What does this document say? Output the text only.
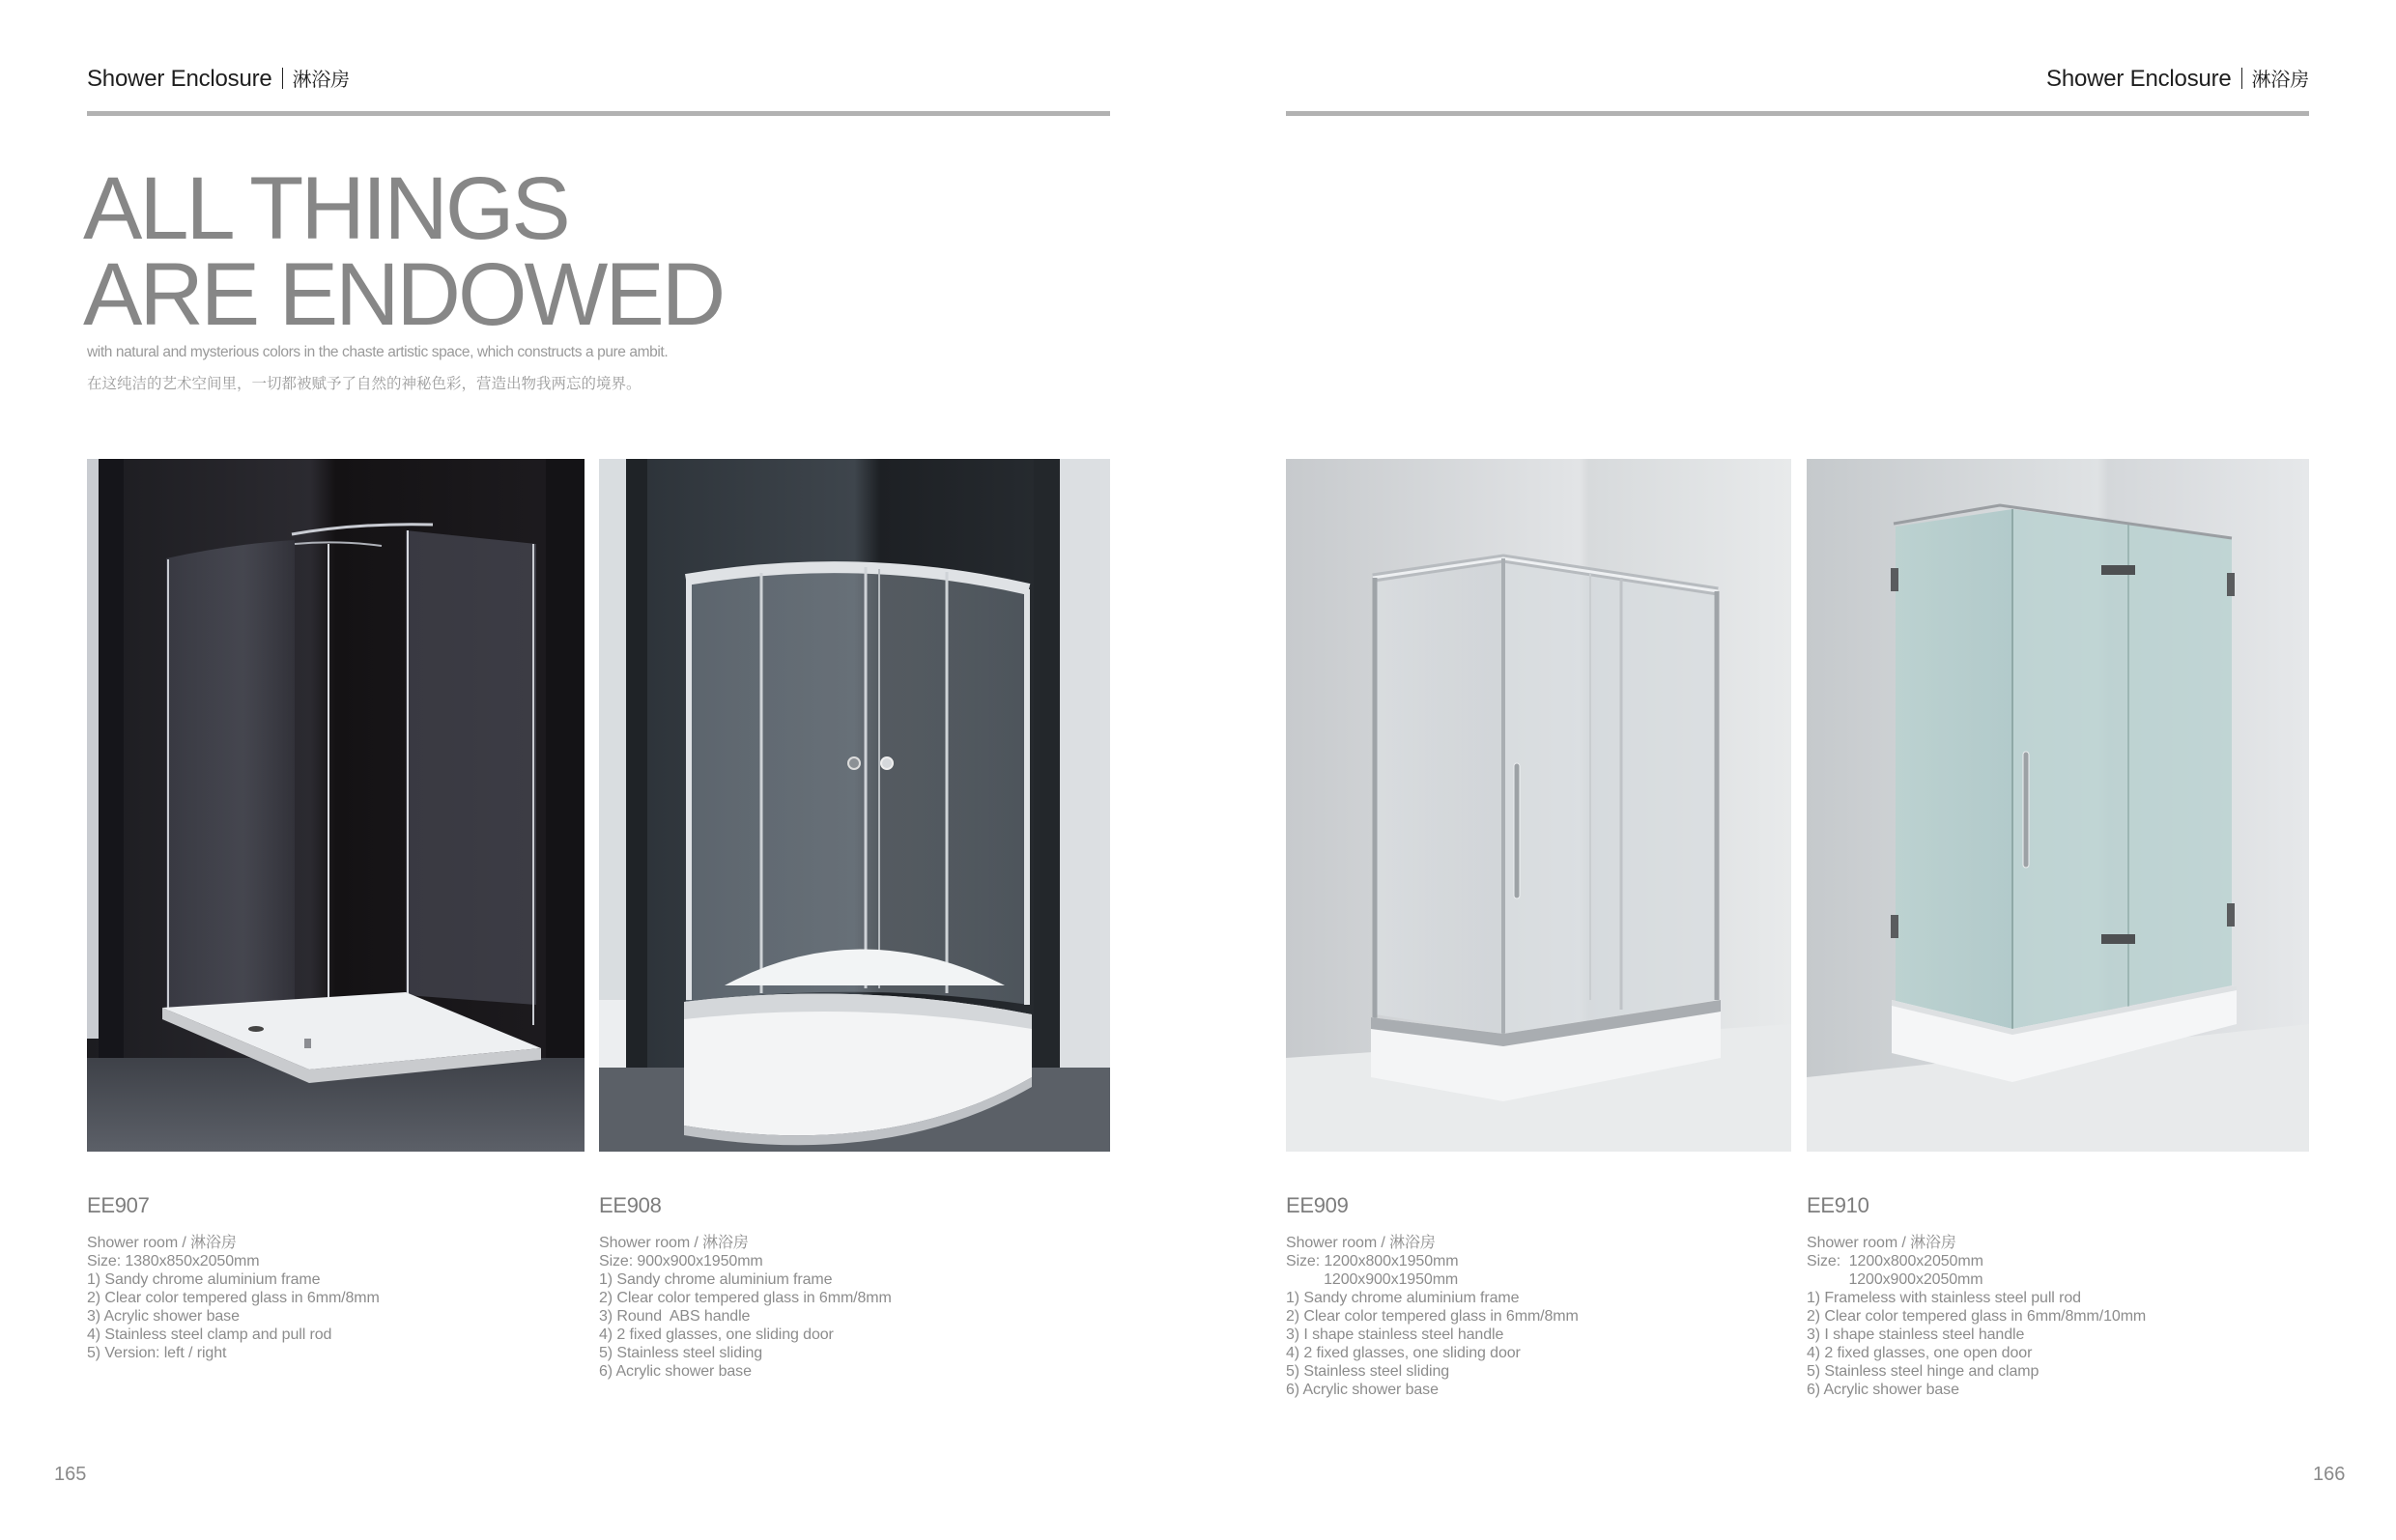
Shower Enclosure 淋浴房	Shower Enclosure 淋浴房
ALL THINGS
ARE ENDOWED
with natural and mysterious colors in the chaste artistic space, which constructs a pure ambit.
在这纯洁的艺术空间里，一切都被赋予了自然的神秘色彩，营造出物我两忘的境界。
EE907
Shower room / 淋浴房
Size: 1380x850x2050mm
1) Sandy chrome aluminium frame
2) Clear color tempered glass in 6mm/8mm
3) Acrylic shower base
4) Stainless steel clamp and pull rod
5) Version: left / right
EE908
Shower room / 淋浴房
Size: 900x900x1950mm
1) Sandy chrome aluminium frame
2) Clear color tempered glass in 6mm/8mm
3) Round  ABS handle
4) 2 fixed glasses, one sliding door
5) Stainless steel sliding
6) Acrylic shower base
EE909
Shower room / 淋浴房
Size: 1200x800x1950mm
1200x900x1950mm
1) Sandy chrome aluminium frame
2) Clear color tempered glass in 6mm/8mm
3) I shape stainless steel handle
4) 2 fixed glasses, one sliding door
5) Stainless steel sliding
6) Acrylic shower base
EE910
Shower room / 淋浴房
Size:  1200x800x2050mm
1200x900x2050mm
1) Frameless with stainless steel pull rod
2) Clear color tempered glass in 6mm/8mm/10mm
3) I shape stainless steel handle
4) 2 fixed glasses, one open door
5) Stainless steel hinge and clamp
6) Acrylic shower base
165	166
